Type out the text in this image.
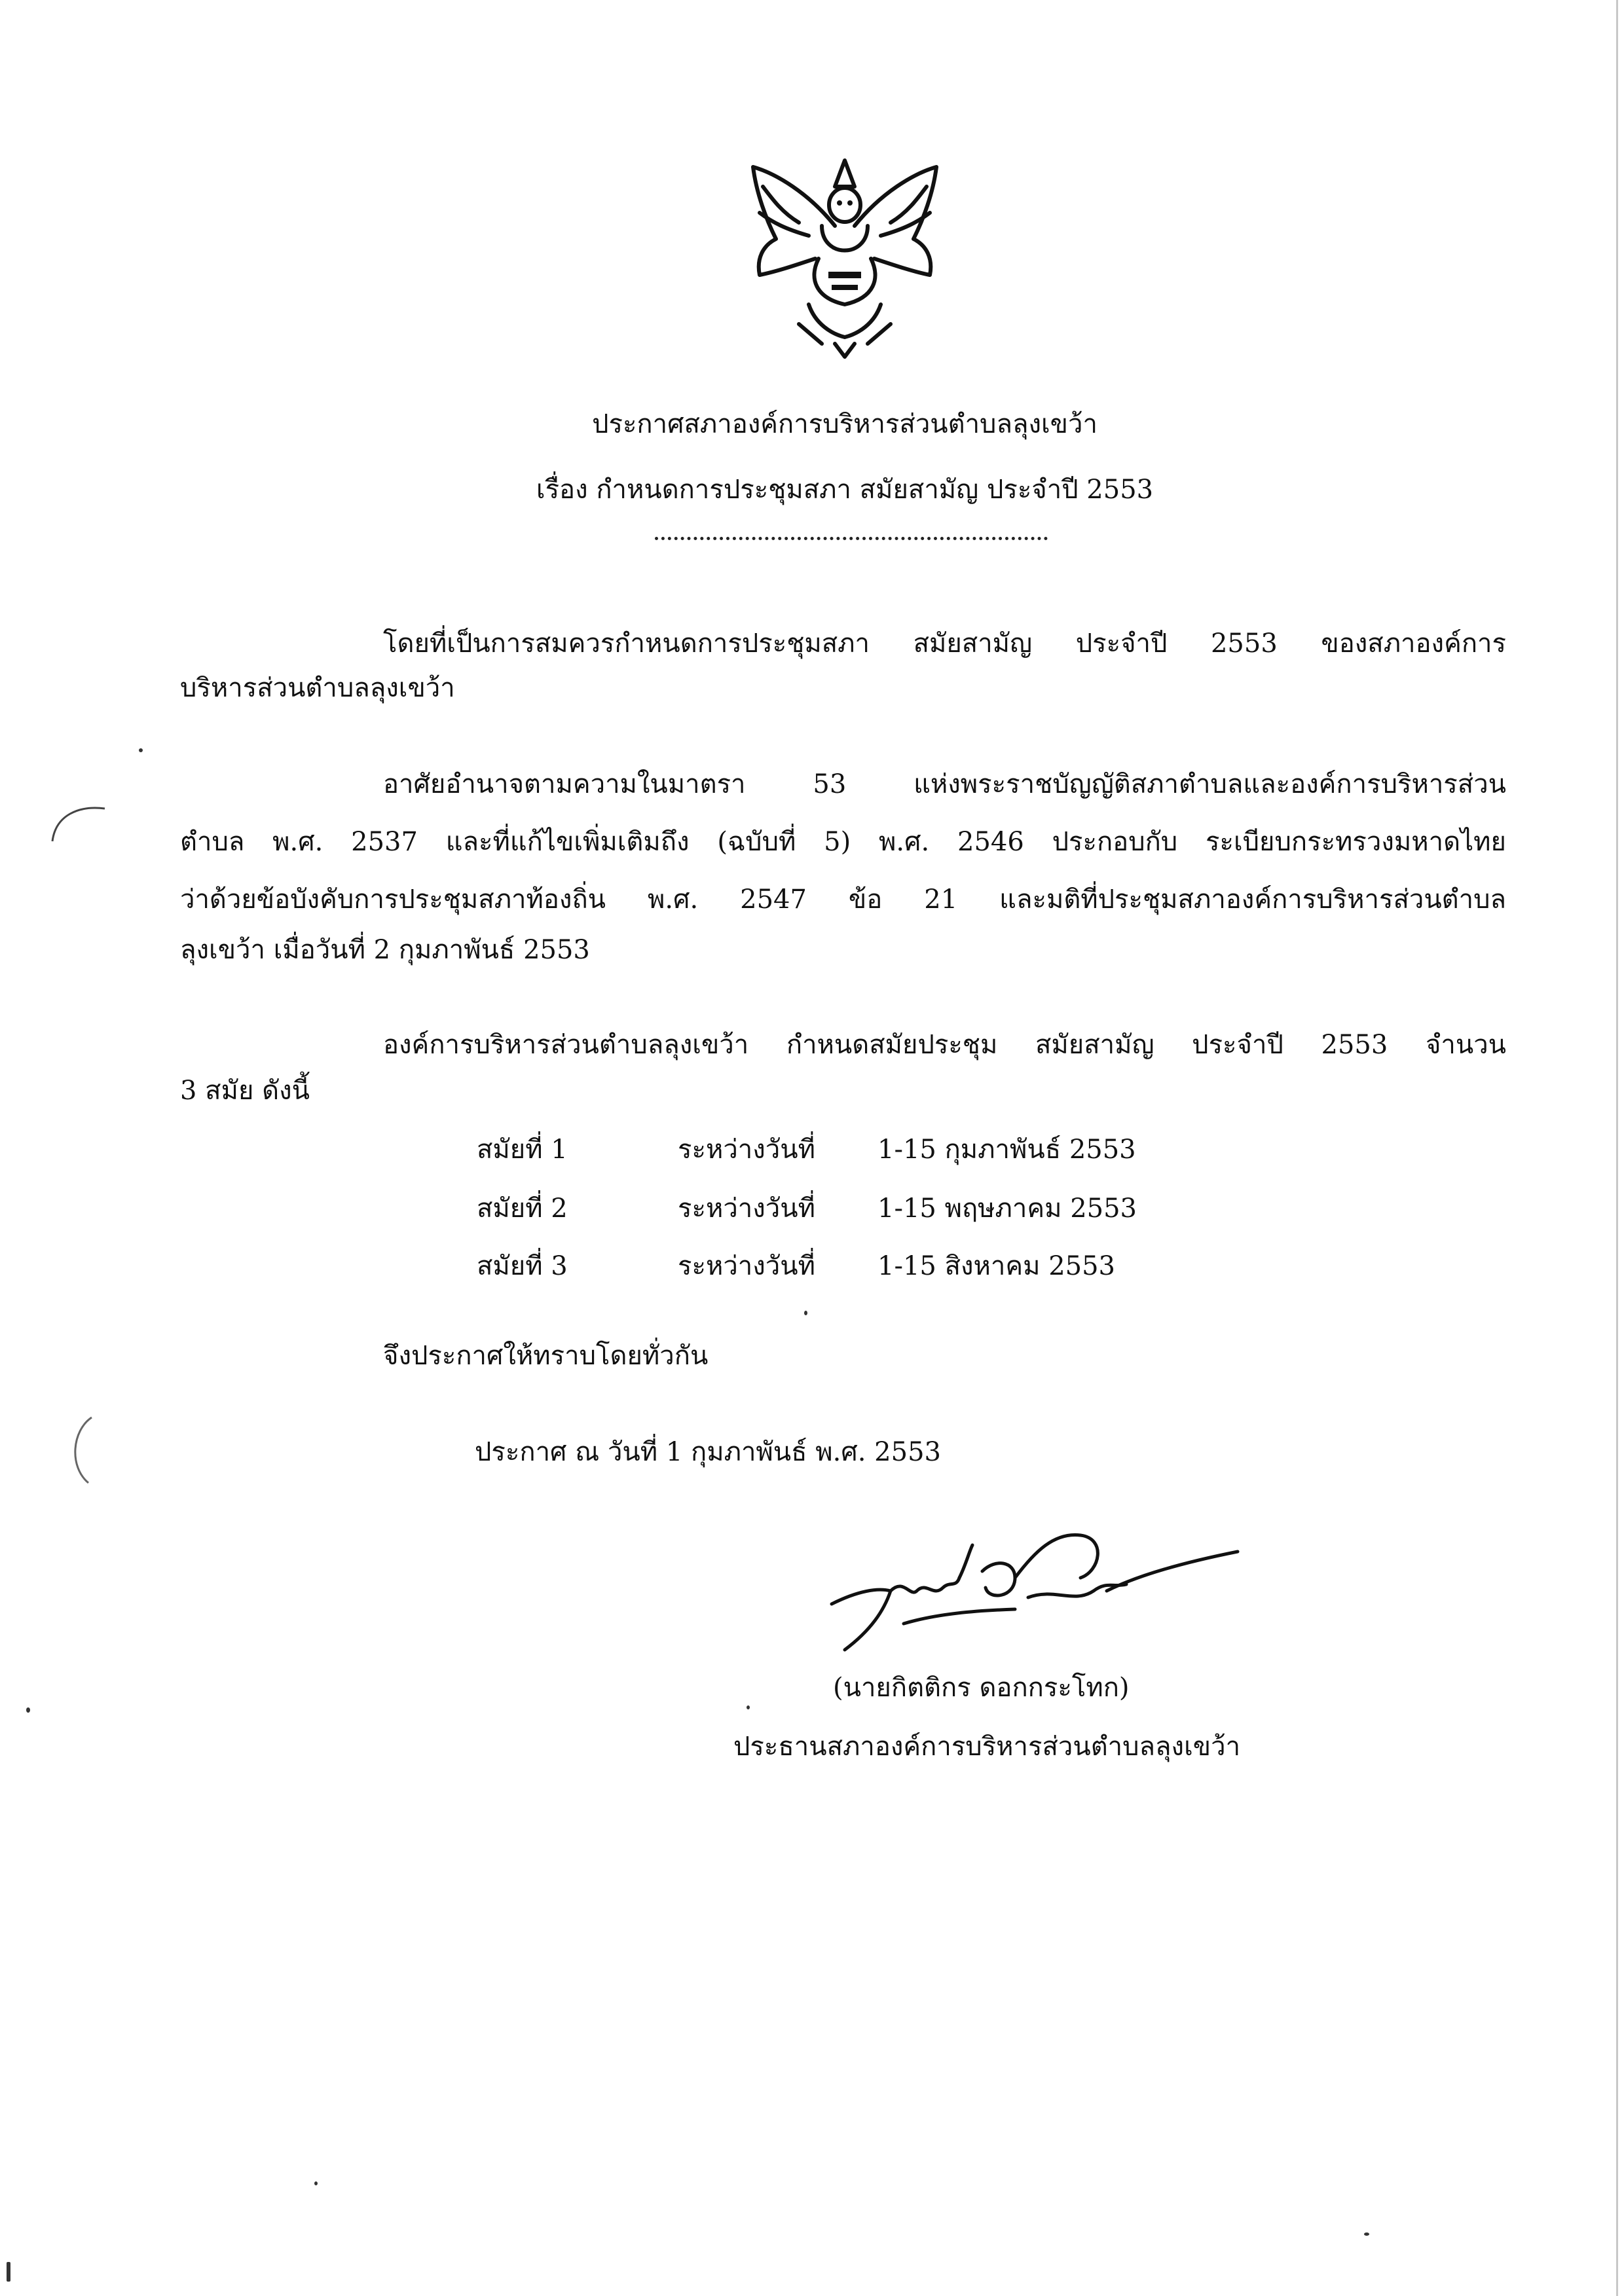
ประกาศสภาองค์การบริหารส่วนตำบลลุงเขว้า
เรื่อง กำหนดการประชุมสภา สมัยสามัญ ประจำปี 2553
โดยที่เป็นการสมควรกำหนดการประชุมสภา สมัยสามัญ ประจำปี 2553 ของสภาองค์การ
บริหารส่วนตำบลลุงเขว้า
อาศัยอำนาจตามความในมาตรา 53 แห่งพระราชบัญญัติสภาตำบลและองค์การบริหารส่วน
ตำบล พ.ศ. 2537 และที่แก้ไขเพิ่มเติมถึง (ฉบับที่ 5) พ.ศ. 2546 ประกอบกับ ระเบียบกระทรวงมหาดไทย
ว่าด้วยข้อบังคับการประชุมสภาท้องถิ่น พ.ศ. 2547 ข้อ 21 และมติที่ประชุมสภาองค์การบริหารส่วนตำบล
ลุงเขว้า เมื่อวันที่ 2 กุมภาพันธ์ 2553
องค์การบริหารส่วนตำบลลุงเขว้า กำหนดสมัยประชุม สมัยสามัญ ประจำปี 2553 จำนวน
3 สมัย ดังนี้
สมัยที่ 1	ระหว่างวันที่ 1-15 กุมภาพันธ์ 2553
สมัยที่ 2	ระหว่างวันที่ 1-15 พฤษภาคม 2553
สมัยที่ 3	ระหว่างวันที่ 1-15 สิงหาคม 2553
จึงประกาศให้ทราบโดยทั่วกัน
ประกาศ ณ วันที่ 1 กุมภาพันธ์ พ.ศ. 2553
(นายกิตติกร ดอกกระโทก)
ประธานสภาองค์การบริหารส่วนตำบลลุงเขว้า
